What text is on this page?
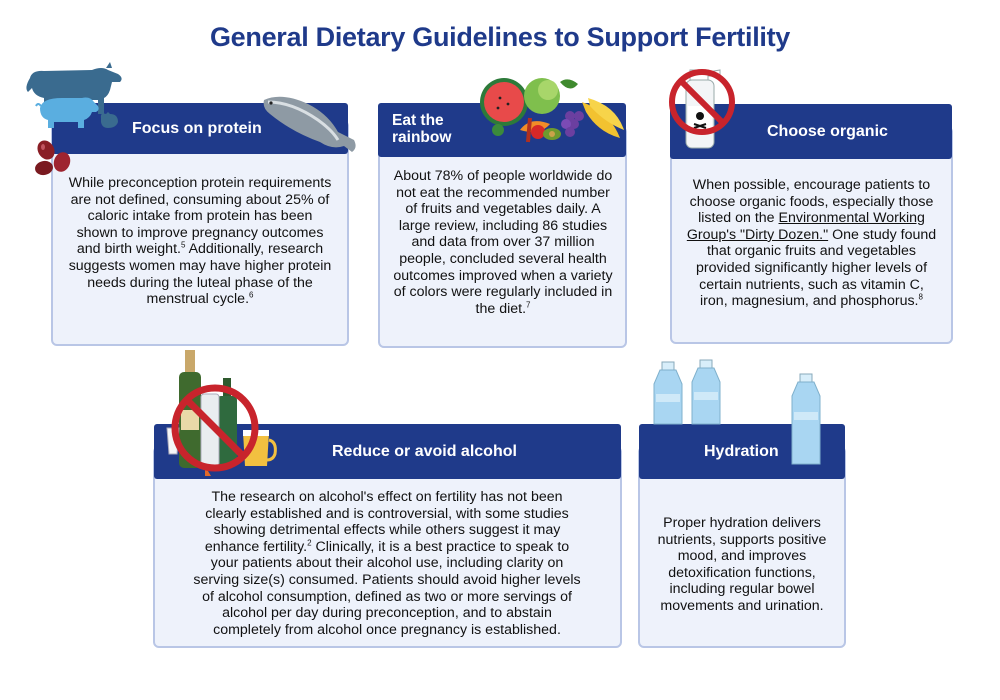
General Dietary Guidelines to Support Fertility
Focus on protein
While preconception protein requirements are not defined, consuming about 25% of caloric intake from protein has been shown to improve pregnancy outcomes and birth weight.$^5$ Additionally, research suggests women may have higher protein needs during the luteal phase of the menstrual cycle.$^6$
Eat the rainbow
About 78% of people worldwide do not eat the recommended number of fruits and vegetables daily. A large review, including 86 studies and data from over 37 million people, concluded several health outcomes improved when a variety of colors were regularly included in the diet.$^7$
Choose organic
When possible, encourage patients to choose organic foods, especially those listed on the Environmental Working Group's "Dirty Dozen." One study found that organic fruits and vegetables provided significantly higher levels of certain nutrients, such as vitamin C, iron, magnesium, and phosphorus.$^8$
Reduce or avoid alcohol
The research on alcohol's effect on fertility has not been clearly established and is controversial, with some studies showing detrimental effects while others suggest it may enhance fertility.$^2$ Clinically, it is a best practice to speak to your patients about their alcohol use, including clarity on serving size(s) consumed. Patients should avoid higher levels of alcohol consumption, defined as two or more servings of alcohol per day during preconception, and to abstain completely from alcohol once pregnancy is established.
Hydration
Proper hydration delivers nutrients, supports positive mood, and improves detoxification functions, including regular bowel movements and urination.
